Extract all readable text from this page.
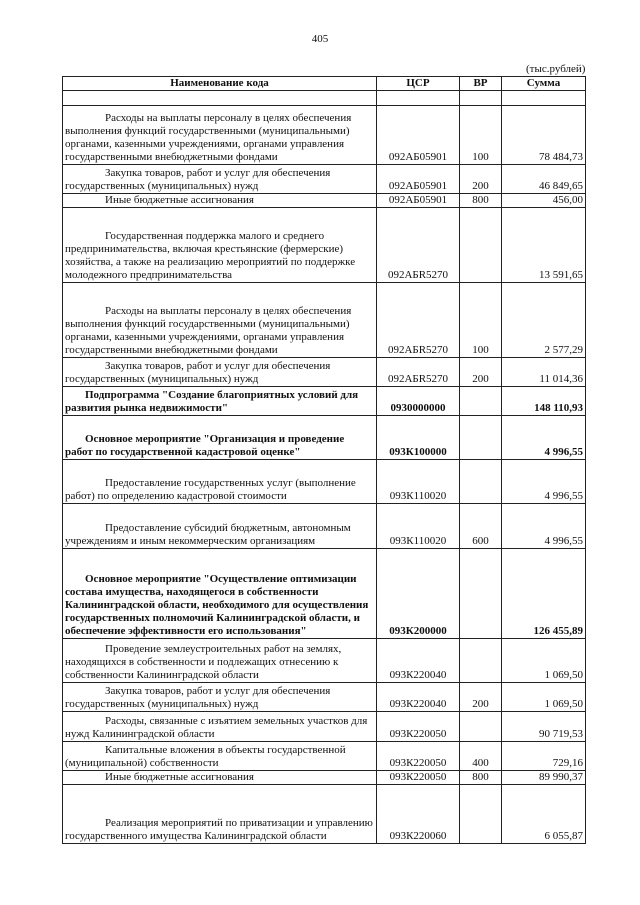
405
(тыс.рублей)
Наименование кода	ЦСР	ВР	Сумма

Расходы на выплаты персоналу в целях обеспечения выполнения функций государственными (муниципальными) органами, казенными учреждениями, органами управления государственными внебюджетными фондами	092АБ05901	100	78 484,73
Закупка товаров, работ и услуг для обеспечения государственных (муниципальных) нужд	092АБ05901	200	46 849,65
Иные бюджетные ассигнования	092АБ05901	800	456,00
Государственная поддержка малого и среднего предпринимательства, включая крестьянские (фермерские) хозяйства, а также на реализацию мероприятий по поддержке молодежного предпринимательства	092АБR5270		13 591,65
Расходы на выплаты персоналу в целях обеспечения выполнения функций государственными (муниципальными) органами, казенными учреждениями, органами управления государственными внебюджетными фондами	092АБR5270	100	2 577,29
Закупка товаров, работ и услуг для обеспечения государственных (муниципальных) нужд	092АБR5270	200	11 014,36
Подпрограмма "Создание благоприятных условий для развития рынка недвижимости"	0930000000		148 110,93
Основное мероприятие "Организация и проведение работ по государственной кадастровой оценке"	093К100000		4 996,55
Предоставление государственных услуг (выполнение работ) по определению кадастровой стоимости	093К110020		4 996,55
Предоставление субсидий бюджетным, автономным учреждениям и иным некоммерческим организациям	093К110020	600	4 996,55
Основное мероприятие "Осуществление оптимизации состава имущества, находящегося в собственности Калининградской области, необходимого для осуществления государственных полномочий Калининградской области, и обеспечение эффективности его использования"	093К200000		126 455,89
Проведение землеустроительных работ на землях, находящихся в собственности и подлежащих отнесению к собственности Калининградской области	093К220040		1 069,50
Закупка товаров, работ и услуг для обеспечения государственных (муниципальных) нужд	093К220040	200	1 069,50
Расходы, связанные с изъятием земельных участков для нужд Калининградской области	093К220050		90 719,53
Капитальные вложения в объекты государственной (муниципальной) собственности	093К220050	400	729,16
Иные бюджетные ассигнования	093К220050	800	89 990,37
Реализация мероприятий по приватизации и управлению государственного имущества Калининградской области	093К220060		6 055,87
